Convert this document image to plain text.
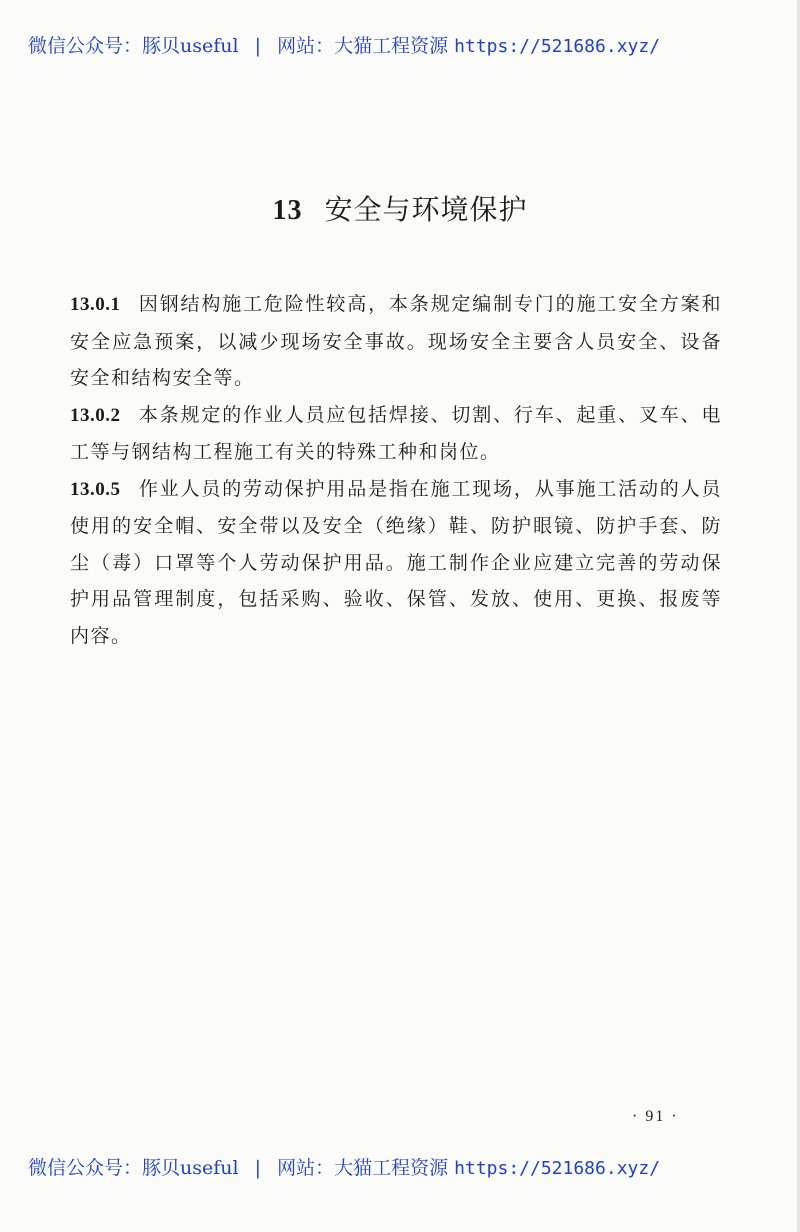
微信公众号：豚贝useful | 网站：大猫工程资源 https://521686.xyz/
13 安全与环境保护

13.0.1 因钢结构施工危险性较高，本条规定编制专门的施工安全方案和安全应急预案，以减少现场安全事故。现场安全主要含人员安全、设备安全和结构安全等。

13.0.2 本条规定的作业人员应包括焊接、切割、行车、起重、叉车、电工等与钢结构工程施工有关的特殊工种和岗位。

13.0.5 作业人员的劳动保护用品是指在施工现场，从事施工活动的人员使用的安全帽、安全带以及安全（绝缘）鞋、防护眼镜、防护手套、防尘（毒）口罩等个人劳动保护用品。施工制作企业应建立完善的劳动保护用品管理制度，包括采购、验收、保管、发放、使用、更换、报废等内容。

· 91 ·
微信公众号：豚贝useful | 网站：大猫工程资源 https://521686.xyz/
